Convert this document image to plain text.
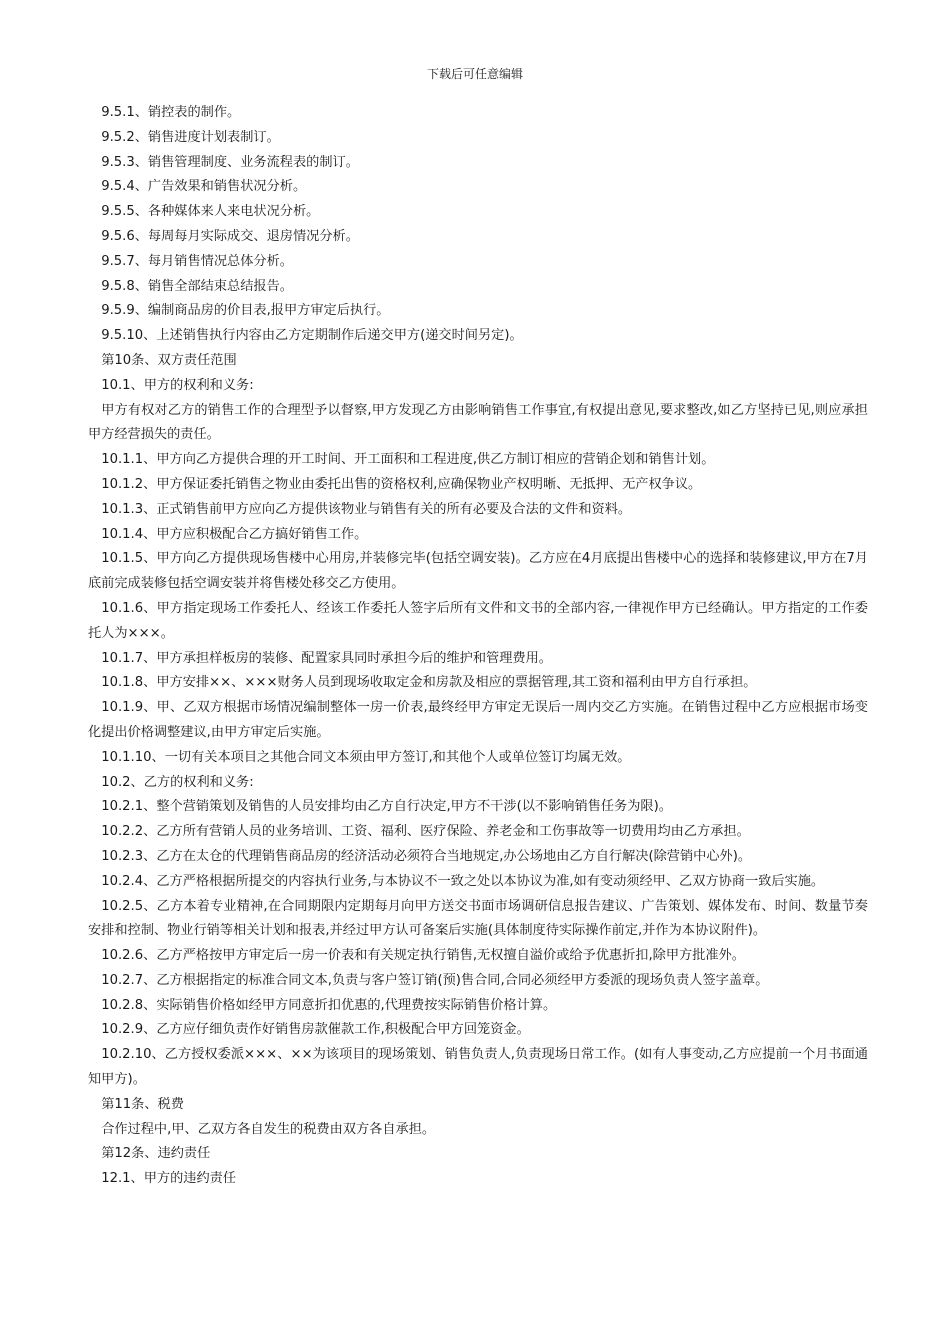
下载后可任意编辑

9.5.1、销控表的制作。

9.5.2、销售进度计划表制订。

9.5.3、销售管理制度、业务流程表的制订。

9.5.4、广告效果和销售状况分析。

9.5.5、各种媒体来人来电状况分析。

9.5.6、每周每月实际成交、退房情况分析。

9.5.7、每月销售情况总体分析。

9.5.8、销售全部结束总结报告。

9.5.9、编制商品房的价目表,报甲方审定后执行。

9.5.10、上述销售执行内容由乙方定期制作后递交甲方(递交时间另定)。

第10条、双方责任范围

10.1、甲方的权利和义务:

甲方有权对乙方的销售工作的合理型予以督察,甲方发现乙方由影响销售工作事宜,有权提出意见,要求整改,如乙方坚持已见,则应承担甲方经营损失的责任。

10.1.1、甲方向乙方提供合理的开工时间、开工面积和工程进度,供乙方制订相应的营销企划和销售计划。

10.1.2、甲方保证委托销售之物业由委托出售的资格权利,应确保物业产权明晰、无抵押、无产权争议。

10.1.3、正式销售前甲方应向乙方提供该物业与销售有关的所有必要及合法的文件和资料。

10.1.4、甲方应积极配合乙方搞好销售工作。

10.1.5、甲方向乙方提供现场售楼中心用房,并装修完毕(包括空调安装)。乙方应在4月底提出售楼中心的选择和装修建议,甲方在7月底前完成装修包括空调安装并将售楼处移交乙方使用。

10.1.6、甲方指定现场工作委托人、经该工作委托人签字后所有文件和文书的全部内容,一律视作甲方已经确认。甲方指定的工作委托人为×××。

10.1.7、甲方承担样板房的装修、配置家具同时承担今后的维护和管理费用。

10.1.8、甲方安排××、×××财务人员到现场收取定金和房款及相应的票据管理,其工资和福利由甲方自行承担。

10.1.9、甲、乙双方根据市场情况编制整体一房一价表,最终经甲方审定无误后一周内交乙方实施。在销售过程中乙方应根据市场变化提出价格调整建议,由甲方审定后实施。

10.1.10、一切有关本项目之其他合同文本须由甲方签订,和其他个人或单位签订均属无效。

10.2、乙方的权利和义务:

10.2.1、整个营销策划及销售的人员安排均由乙方自行决定,甲方不干涉(以不影响销售任务为限)。

10.2.2、乙方所有营销人员的业务培训、工资、福利、医疗保险、养老金和工伤事故等一切费用均由乙方承担。

10.2.3、乙方在太仓的代理销售商品房的经济活动必须符合当地规定,办公场地由乙方自行解决(除营销中心外)。

10.2.4、乙方严格根据所提交的内容执行业务,与本协议不一致之处以本协议为准,如有变动须经甲、乙双方协商一致后实施。

10.2.5、乙方本着专业精神,在合同期限内定期每月向甲方送交书面市场调研信息报告建议、广告策划、媒体发布、时间、数量节奏安排和控制、物业行销等相关计划和报表,并经过甲方认可备案后实施(具体制度待实际操作前定,并作为本协议附件)。

10.2.6、乙方严格按甲方审定后一房一价表和有关规定执行销售,无权擅自溢价或给予优惠折扣,除甲方批准外。

10.2.7、乙方根据指定的标准合同文本,负责与客户签订销(预)售合同,合同必须经甲方委派的现场负责人签字盖章。

10.2.8、实际销售价格如经甲方同意折扣优惠的,代理费按实际销售价格计算。

10.2.9、乙方应仔细负责作好销售房款催款工作,积极配合甲方回笼资金。

10.2.10、乙方授权委派×××、××为该项目的现场策划、销售负责人,负责现场日常工作。(如有人事变动,乙方应提前一个月书面通知甲方)。

第11条、税费

合作过程中,甲、乙双方各自发生的税费由双方各自承担。

第12条、违约责任

12.1、甲方的违约责任
